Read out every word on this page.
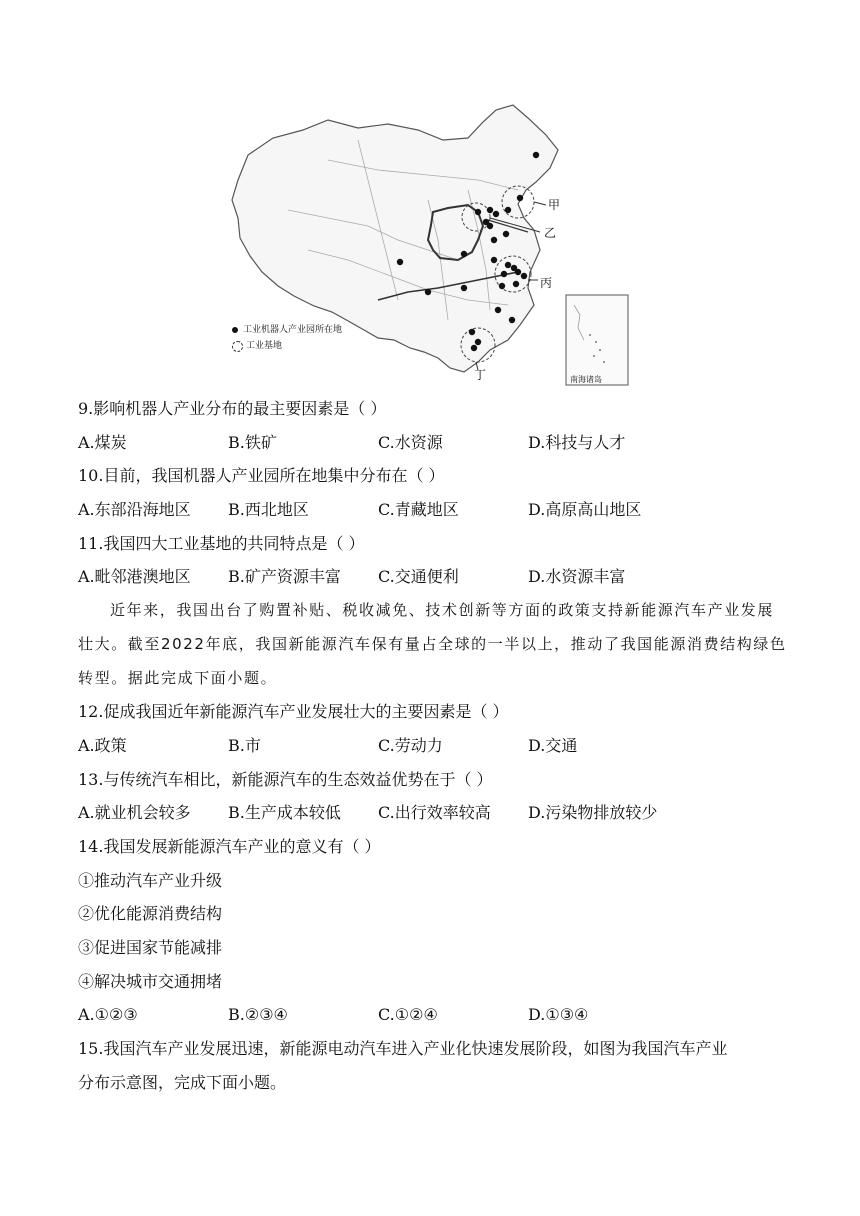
甲
乙
丙
丁	南海诸岛
工业机器人产业园所在地
工业基地
9.影响机器人产业分布的最主要因素是（ ）
A.煤炭	B.铁矿	C.水资源	D.科技与人才
10.目前，我国机器人产业园所在地集中分布在（ ）
A.东部沿海地区	B.西北地区	C.青藏地区	D.高原高山地区
11.我国四大工业基地的共同特点是（ ）
A.毗邻港澳地区	B.矿产资源丰富	C.交通便利	D.水资源丰富
近年来，我国出台了购置补贴、税收减免、技术创新等方面的政策支持新能源汽车产业发展壮大。截至2022年底，我国新能源汽车保有量占全球的一半以上，推动了我国能源消费结构绿色转型。据此完成下面小题。
12.促成我国近年新能源汽车产业发展壮大的主要因素是（ ）
A.政策	B.市	C.劳动力	D.交通
13.与传统汽车相比，新能源汽车的生态效益优势在于（ ）
A.就业机会较多	B.生产成本较低	C.出行效率较高	D.污染物排放较少
14.我国发展新能源汽车产业的意义有（ ）
①推动汽车产业升级
②优化能源消费结构
③促进国家节能减排
④解决城市交通拥堵
A.①②③	B.②③④	C.①②④	D.①③④
15.我国汽车产业发展迅速，新能源电动汽车进入产业化快速发展阶段，如图为我国汽车产业
分布示意图，完成下面小题。
